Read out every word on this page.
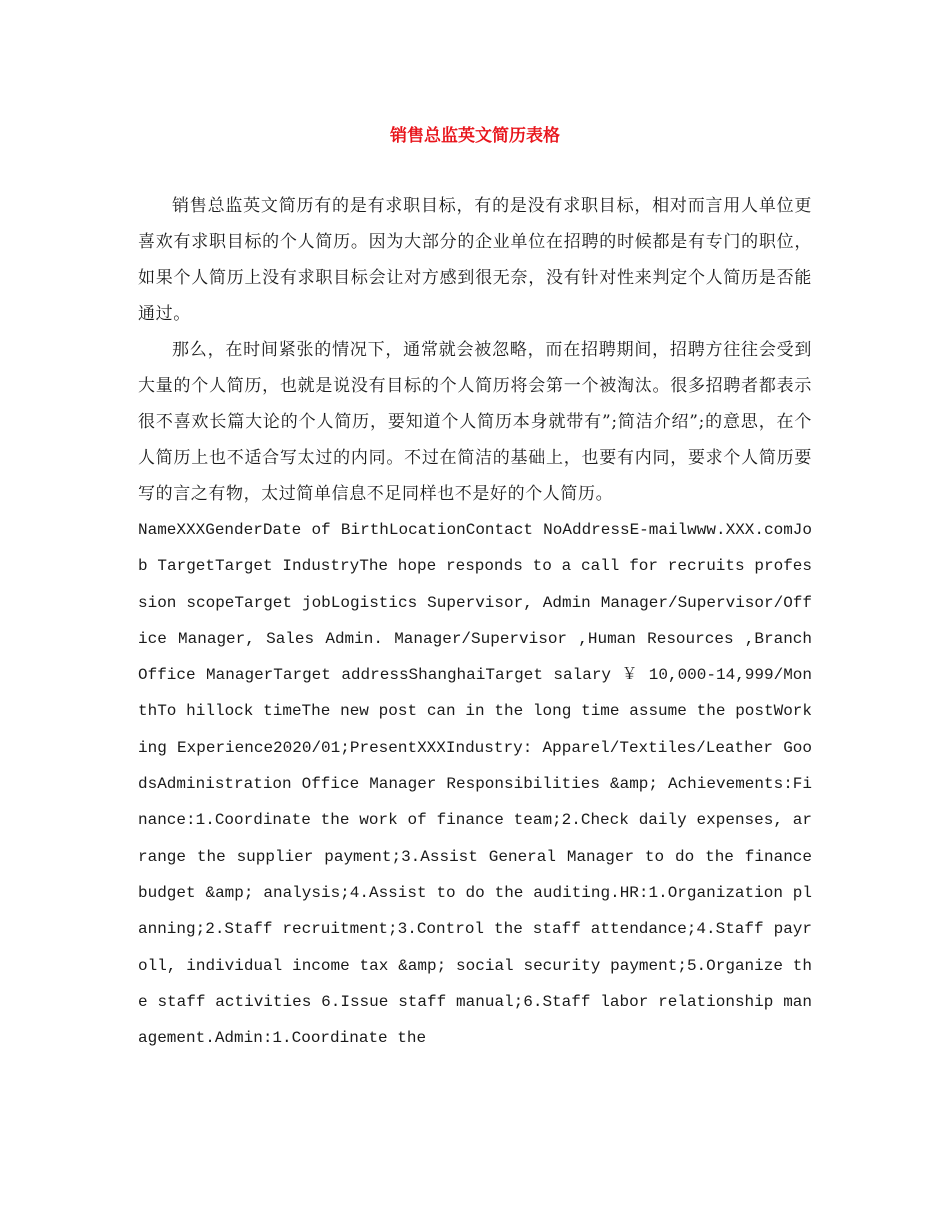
销售总监英文简历表格

销售总监英文简历有的是有求职目标，有的是没有求职目标，相对而言用人单位更喜欢有求职目标的个人简历。因为大部分的企业单位在招聘的时候都是有专门的职位，如果个人简历上没有求职目标会让对方感到很无奈，没有针对性来判定个人简历是否能通过。

那么，在时间紧张的情况下，通常就会被忽略，而在招聘期间，招聘方往往会受到大量的个人简历，也就是说没有目标的个人简历将会第一个被淘汰。很多招聘者都表示很不喜欢长篇大论的个人简历，要知道个人简历本身就带有”;简洁介绍”;的意思，在个人简历上也不适合写太过的内同。不过在简洁的基础上，也要有内同，要求个人简历要写的言之有物，太过简单信息不足同样也不是好的个人简历。

NameXXXGenderDate of BirthLocationContact NoAddressE-mailwww.XXX.comJob TargetTarget IndustryThe hope responds to a call for recruits profession scopeTarget jobLogistics Supervisor, Admin Manager/Supervisor/Office Manager, Sales Admin. Manager/Supervisor ,Human Resources ,Branch Office ManagerTarget addressShanghaiTarget salary ￥ 10,000-14,999/MonthTo hillock timeThe new post can in the long time assume the postWorking Experience2020/01;PresentXXXIndustry: Apparel/Textiles/Leather GoodsAdministration Office Manager Responsibilities &amp; Achievements:Finance:1.Coordinate the work of finance team;2.Check daily expenses, arrange the supplier payment;3.Assist General Manager to do the finance budget &amp; analysis;4.Assist to do the auditing.HR:1.Organization planning;2.Staff recruitment;3.Control the staff attendance;4.Staff payroll, individual income tax &amp; social security payment;5.Organize the staff activities 6.Issue staff manual;6.Staff labor relationship management.Admin:1.Coordinate the
